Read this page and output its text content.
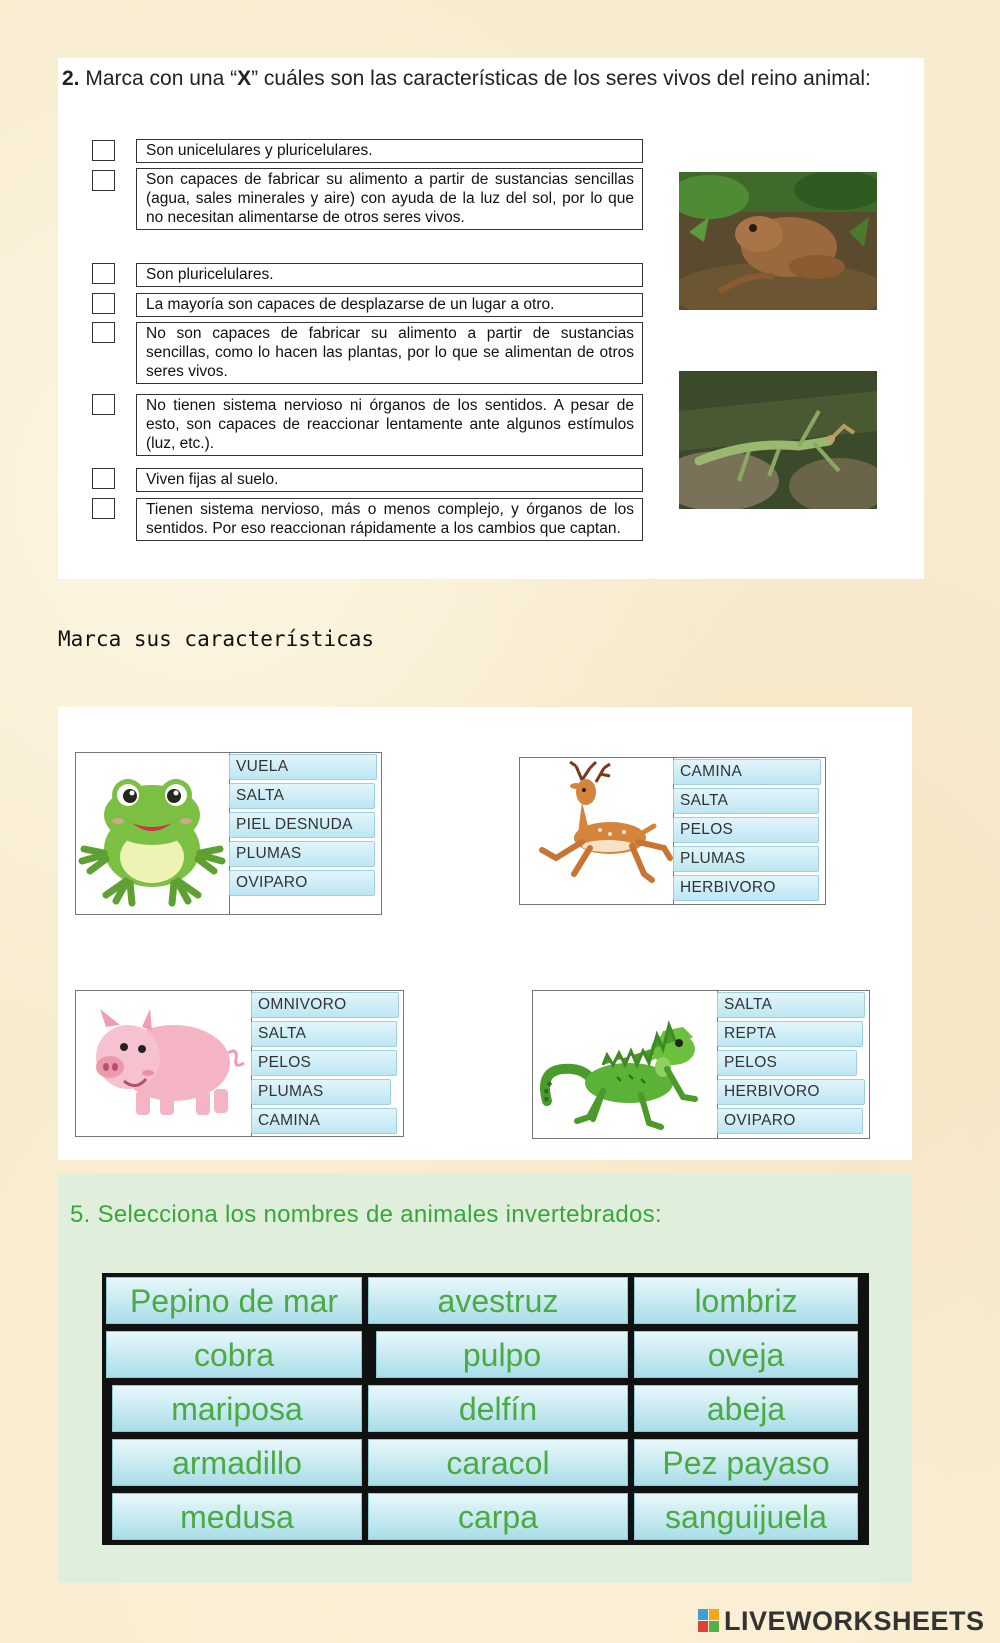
2. Marca con una “X” cuáles son las características de los seres vivos del reino animal:
Son unicelulares y pluricelulares.
Son capaces de fabricar su alimento a partir de sustancias sencillas (agua, sales minerales y aire) con ayuda de la luz del sol, por lo que no necesitan alimentarse de otros seres vivos.
Son pluricelulares.
La mayoría son capaces de desplazarse de un lugar a otro.
No son capaces de fabricar su alimento a partir de sustancias sencillas, como lo hacen las plantas, por lo que se alimentan de otros seres vivos.
No tienen sistema nervioso ni órganos de los sentidos. A pesar de esto, son capaces de reaccionar lentamente ante algunos estímulos (luz, etc.).
Viven fijas al suelo.
Tienen sistema nervioso, más o menos complejo, y órganos de los sentidos. Por eso reaccionan rápidamente a los cambios que captan.
Marca sus características
VUELA
SALTA
PIEL DESNUDA
PLUMAS
OVIPARO
CAMINA
SALTA
PELOS
PLUMAS
HERBIVORO
OMNIVORO
SALTA
PELOS
PLUMAS
CAMINA
SALTA
REPTA
PELOS
HERBIVORO
OVIPARO
5. Selecciona los nombres de animales invertebrados:
Pepino de mar	avestruz	lombriz
cobra	pulpo	oveja
mariposa	delfín	abeja
armadillo	caracol	Pez payaso
medusa	carpa	sanguijuela
LIVEWORKSHEETS
